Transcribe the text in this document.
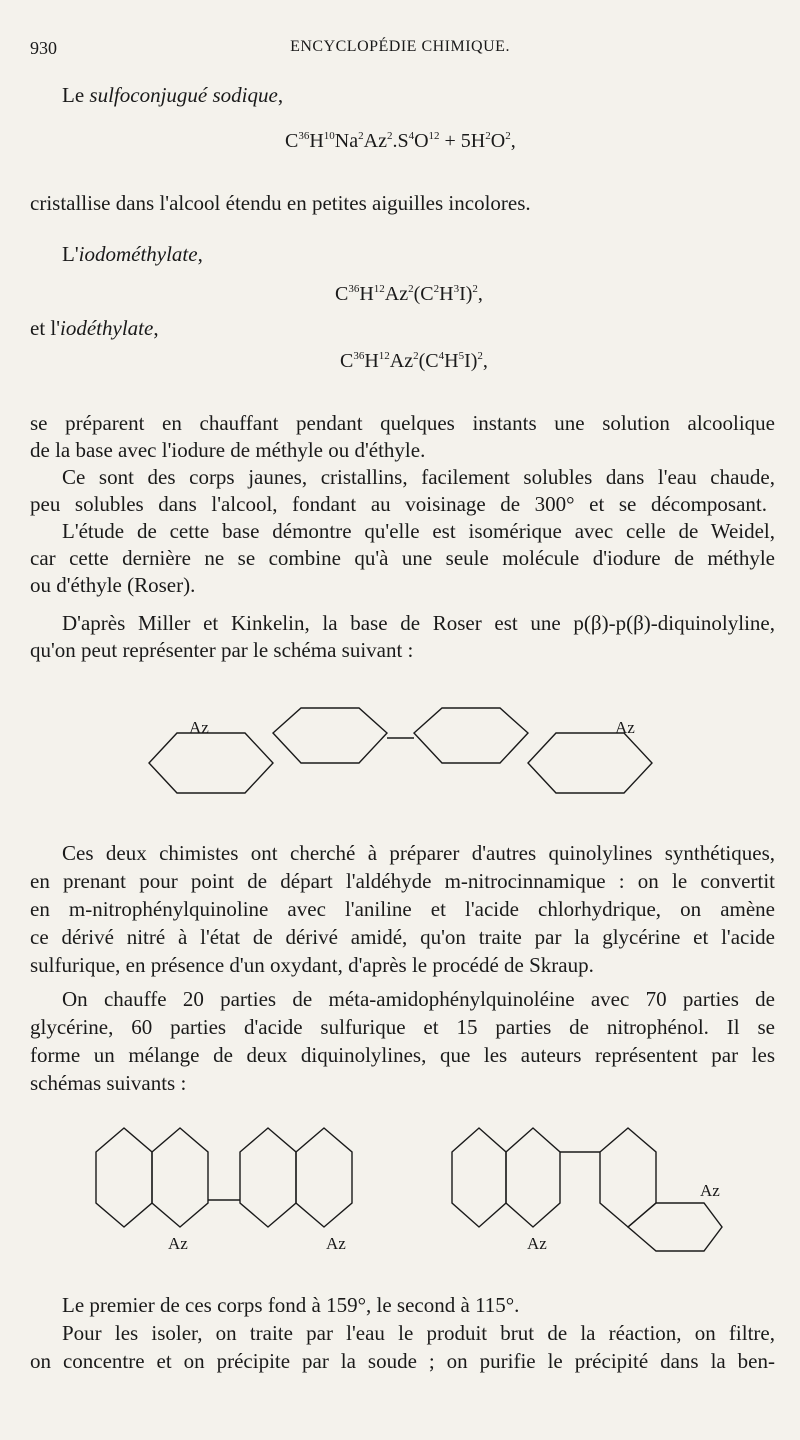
930	ENCYCLOPÉDIE CHIMIQUE.
Le sulfoconjugué sodique,
$C^{36}H^{10}Na^2Az^2.S^4O^{12} + 5H^2O^2$,
cristallise dans l'alcool étendu en petites aiguilles incolores.
L'iodométhylate,
$C^{36}H^{12}Az^2(C^2H^3I)^2$,
et l'iodéthylate,
$C^{36}H^{12}Az^2(C^4H^5I)^2$,
se préparent en chauffant pendant quelques instants une solution alcoolique
de la base avec l'iodure de méthyle ou d'éthyle.
Ce sont des corps jaunes, cristallins, facilement solubles dans l'eau chaude,
peu solubles dans l'alcool, fondant au voisinage de 300° et se décomposant.
L'étude de cette base démontre qu'elle est isomérique avec celle de Weidel,
car cette dernière ne se combine qu'à une seule molécule d'iodure de méthyle
ou d'éthyle (Roser).
D'après Miller et Kinkelin, la base de Roser est une p(β)-p(β)-diquinolyline,
qu'on peut représenter par le schéma suivant :
Ces deux chimistes ont cherché à préparer d'autres quinolylines synthétiques,
en prenant pour point de départ l'aldéhyde m-nitrocinnamique : on le convertit
en m-nitrophénylquinoline avec l'aniline et l'acide chlorhydrique, on amène
ce dérivé nitré à l'état de dérivé amidé, qu'on traite par la glycérine et l'acide
sulfurique, en présence d'un oxydant, d'après le procédé de Skraup.
On chauffe 20 parties de méta-amidophénylquinoléine avec 70 parties de
glycérine, 60 parties d'acide sulfurique et 15 parties de nitrophénol. Il se
forme un mélange de deux diquinolylines, que les auteurs représentent par les
schémas suivants :
Le premier de ces corps fond à 159°, le second à 115°.
Pour les isoler, on traite par l'eau le produit brut de la réaction, on filtre,
on concentre et on précipite par la soude ; on purifie le précipité dans la ben-
Az	Az
Az	Az	Az
Az
